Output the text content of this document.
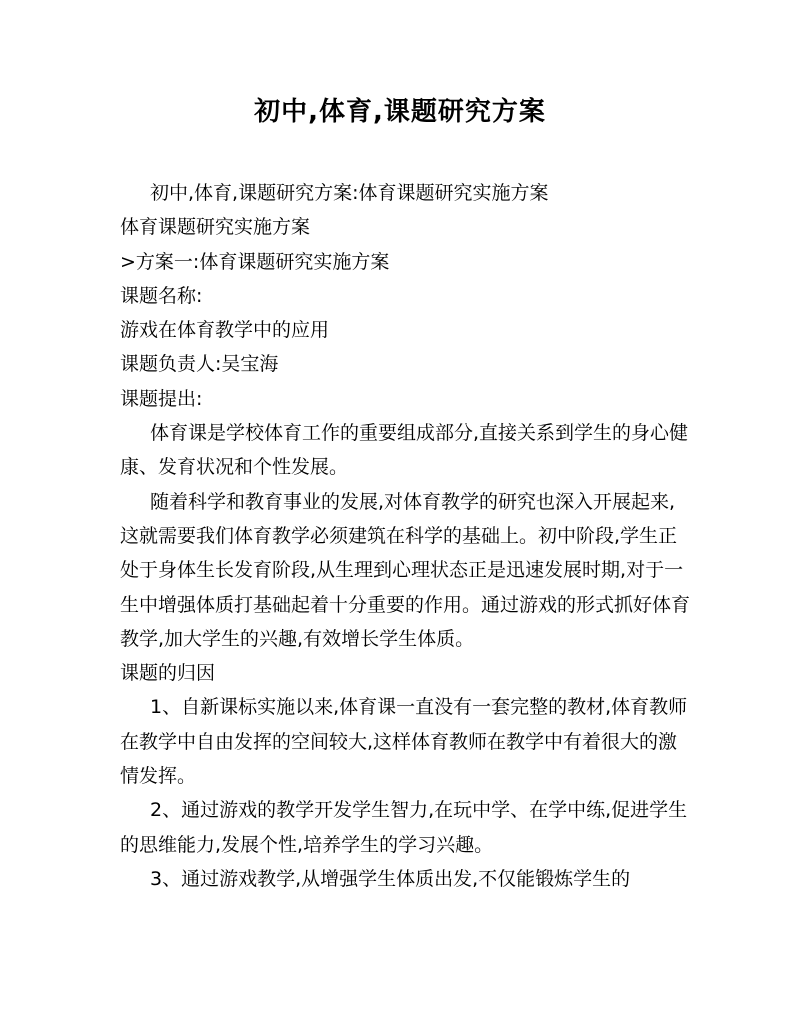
初中,体育,课题研究方案

初中,体育,课题研究方案:体育课题研究实施方案

体育课题研究实施方案

>方案一:体育课题研究实施方案

课题名称:

游戏在体育教学中的应用

课题负责人:吴宝海

课题提出:

体育课是学校体育工作的重要组成部分,直接关系到学生的身心健康、发育状况和个性发展。

随着科学和教育事业的发展,对体育教学的研究也深入开展起来,这就需要我们体育教学必须建筑在科学的基础上。初中阶段,学生正处于身体生长发育阶段,从生理到心理状态正是迅速发展时期,对于一生中增强体质打基础起着十分重要的作用。通过游戏的形式抓好体育教学,加大学生的兴趣,有效增长学生体质。

课题的归因

1、自新课标实施以来,体育课一直没有一套完整的教材,体育教师在教学中自由发挥的空间较大,这样体育教师在教学中有着很大的激情发挥。

2、通过游戏的教学开发学生智力,在玩中学、在学中练,促进学生的思维能力,发展个性,培养学生的学习兴趣。

3、通过游戏教学,从增强学生体质出发,不仅能锻炼学生的
